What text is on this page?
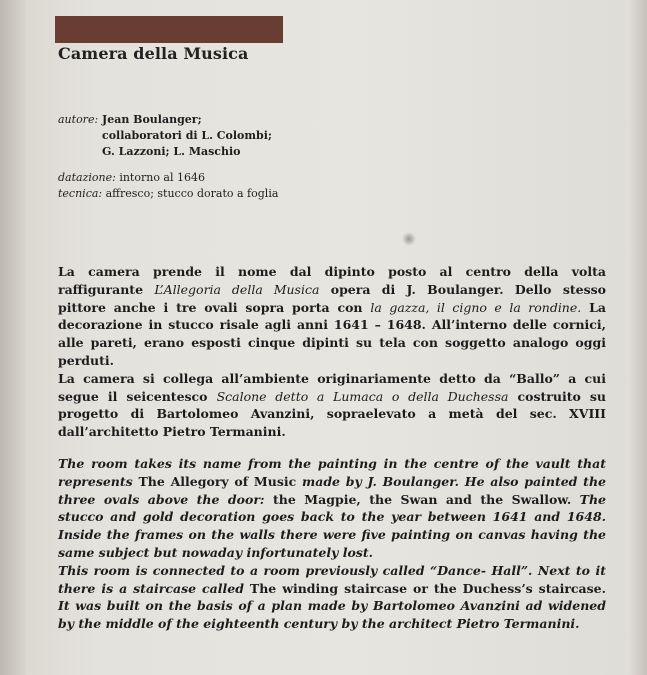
Camera della Musica
autore: Jean Boulanger;
collaboratori di L. Colombi;
G. Lazzoni; L. Maschio
datazione: intorno al 1646
tecnica: affresco; stucco dorato a foglia

La camera prende il nome dal dipinto posto al centro della volta
raffigurante L’Allegoria della Musica opera di J. Boulanger. Dello stesso
pittore anche i tre ovali sopra porta con la gazza, il cigno e la rondine. La
decorazione in stucco risale agli anni 1641 – 1648. All’interno delle cornici,
alle pareti, erano esposti cinque dipinti su tela con soggetto analogo oggi
perduti.
La camera si collega all’ambiente originariamente detto da “Ballo” a cui
segue il seicentesco Scalone detto a Lumaca o della Duchessa costruito su
progetto di Bartolomeo Avanzini, sopraelevato a metà del sec. XVIII
dall’architetto Pietro Termanini.

The room takes its name from the painting in the centre of the vault that
represents The Allegory of Music made by J. Boulanger. He also painted the
three ovals above the door: the Magpie, the Swan and the Swallow. The
stucco and gold decoration goes back to the year between 1641 and 1648.
Inside the frames on the walls there were five painting on canvas having the
same subject but nowaday infortunately lost.
This room is connected to a room previously called “Dance- Hall”. Next to it
there is a staircase called The winding staircase or the Duchess’s staircase.
It was built on the basis of a plan made by Bartolomeo Avanzini ad widened
by the middle of the eighteenth century by the architect Pietro Termanini.
